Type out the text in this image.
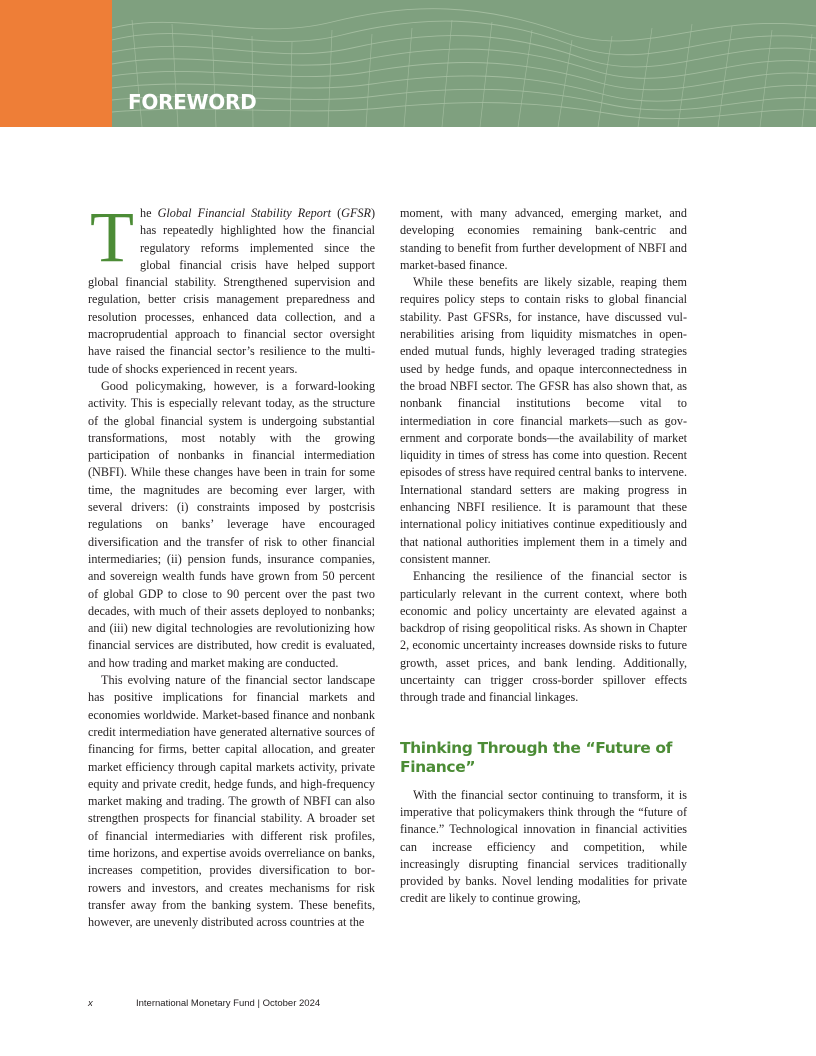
FOREWORD

The Global Financial Stability Report (GFSR) has repeatedly highlighted how the financial regulatory reforms implemented since the global financial crisis have helped support global financial stability. Strengthened supervision and regulation, better crisis management preparedness and resolution processes, enhanced data collection, and a macroprudential approach to financial sector oversight have raised the financial sector’s resilience to the multitude of shocks experienced in recent years.

Good policymaking, however, is a forward-looking activity. This is especially relevant today, as the structure of the global financial system is undergoing substantial transformations, most notably with the growing participation of nonbanks in financial intermediation (NBFI). While these changes have been in train for some time, the magnitudes are becoming ever larger, with several drivers: (i) constraints imposed by postcrisis regulations on banks’ leverage have encouraged diversification and the transfer of risk to other financial intermediaries; (ii) pension funds, insurance companies, and sovereign wealth funds have grown from 50 percent of global GDP to close to 90 percent over the past two decades, with much of their assets deployed to nonbanks; and (iii) new digital technologies are revolutionizing how financial services are distributed, how credit is evaluated, and how trading and market making are conducted.

This evolving nature of the financial sector landscape has positive implications for financial markets and economies worldwide. Market-based finance and nonbank credit intermediation have generated alternative sources of financing for firms, better capital allocation, and greater market efficiency through capital markets activity, private equity and private credit, hedge funds, and high-frequency market making and trading. The growth of NBFI can also strengthen prospects for financial stability. A broader set of financial intermediaries with different risk profiles, time horizons, and expertise avoids overreliance on banks, increases competition, provides diversification to borrowers and investors, and creates mechanisms for risk transfer away from the banking system. These benefits, however, are unevenly distributed across countries at the

moment, with many advanced, emerging market, and developing economies remaining bank-centric and standing to benefit from further development of NBFI and market-based finance.

While these benefits are likely sizable, reaping them requires policy steps to contain risks to global financial stability. Past GFSRs, for instance, have discussed vulnerabilities arising from liquidity mismatches in open-ended mutual funds, highly leveraged trading strategies used by hedge funds, and opaque interconnectedness in the broad NBFI sector. The GFSR has also shown that, as nonbank financial institutions become vital to intermediation in core financial markets—such as government and corporate bonds—the availability of market liquidity in times of stress has come into question. Recent episodes of stress have required central banks to intervene. International standard setters are making progress in enhancing NBFI resilience. It is paramount that these international policy initiatives continue expeditiously and that national authorities implement them in a timely and consistent manner.

Enhancing the resilience of the financial sector is particularly relevant in the current context, where both economic and policy uncertainty are elevated against a backdrop of rising geopolitical risks. As shown in Chapter 2, economic uncertainty increases downside risks to future growth, asset prices, and bank lending. Additionally, uncertainty can trigger cross-border spillover effects through trade and financial linkages.

Thinking Through the “Future of Finance”

With the financial sector continuing to transform, it is imperative that policymakers think through the “future of finance.” Technological innovation in financial activities can increase efficiency and competition, while increasingly disrupting financial services traditionally provided by banks. Novel lending modalities for private credit are likely to continue growing,

x	International Monetary Fund | October 2024
